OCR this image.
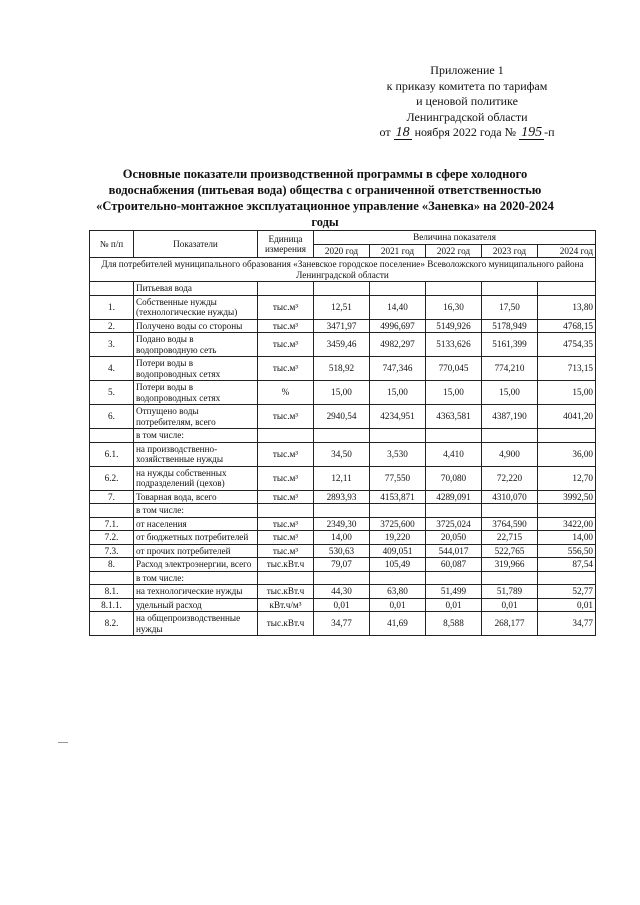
Приложение 1
к приказу комитета по тарифам
и ценовой политике
Ленинградской области
от 18 ноября 2022 года № 195 -п
Основные показатели производственной программы в сфере холодного водоснабжения (питьевая вода) общества с ограниченной ответственностью «Строительно-монтажное эксплуатационное управление «Заневка» на 2020-2024 годы
№ п/п	Показатели	Единица измерения	Величина показателя				
			2020 год	2021 год	2022 год	2023 год	2024 год
Для потребителей муниципального образования «Заневское городское поселение» Всеволожского муниципального района Ленинградской области							
	Питьевая вода						
1.	Собственные нужды (технологические нужды)	тыс.м³	12,51	14,40	16,30	17,50	13,80
2.	Получено воды со стороны	тыс.м³	3471,97	4996,697	5149,926	5178,949	4768,15
3.	Подано воды в водопроводную сеть	тыс.м³	3459,46	4982,297	5133,626	5161,399	4754,35
4.	Потери воды в водопроводных сетях	тыс.м³	518,92	747,346	770,045	774,210	713,15
5.	Потери воды в водопроводных сетях	%	15,00	15,00	15,00	15,00	15,00
6.	Отпущено воды потребителям, всего	тыс.м³	2940,54	4234,951	4363,581	4387,190	4041,20
	в том числе:						
6.1.	на производственно-хозяйственные нужды	тыс.м³	34,50	3,530	4,410	4,900	36,00
6.2.	на нужды собственных подразделений (цехов)	тыс.м³	12,11	77,550	70,080	72,220	12,70
7.	Товарная вода, всего	тыс.м³	2893,93	4153,871	4289,091	4310,070	3992,50
	в том числе:						
7.1.	от населения	тыс.м³	2349,30	3725,600	3725,024	3764,590	3422,00
7.2.	от бюджетных потребителей	тыс.м³	14,00	19,220	20,050	22,715	14,00
7.3.	от прочих потребителей	тыс.м³	530,63	409,051	544,017	522,765	556,50
8.	Расход электроэнергии, всего	тыс.кВт.ч	79,07	105,49	60,087	319,966	87,54
	в том числе:						
8.1.	на технологические нужды	тыс.кВт.ч	44,30	63,80	51,499	51,789	52,77
8.1.1.	удельный расход	кВт.ч/м³	0,01	0,01	0,01	0,01	0,01
8.2.	на общепроизводственные нужды	тыс.кВт.ч	34,77	41,69	8,588	268,177	34,77
